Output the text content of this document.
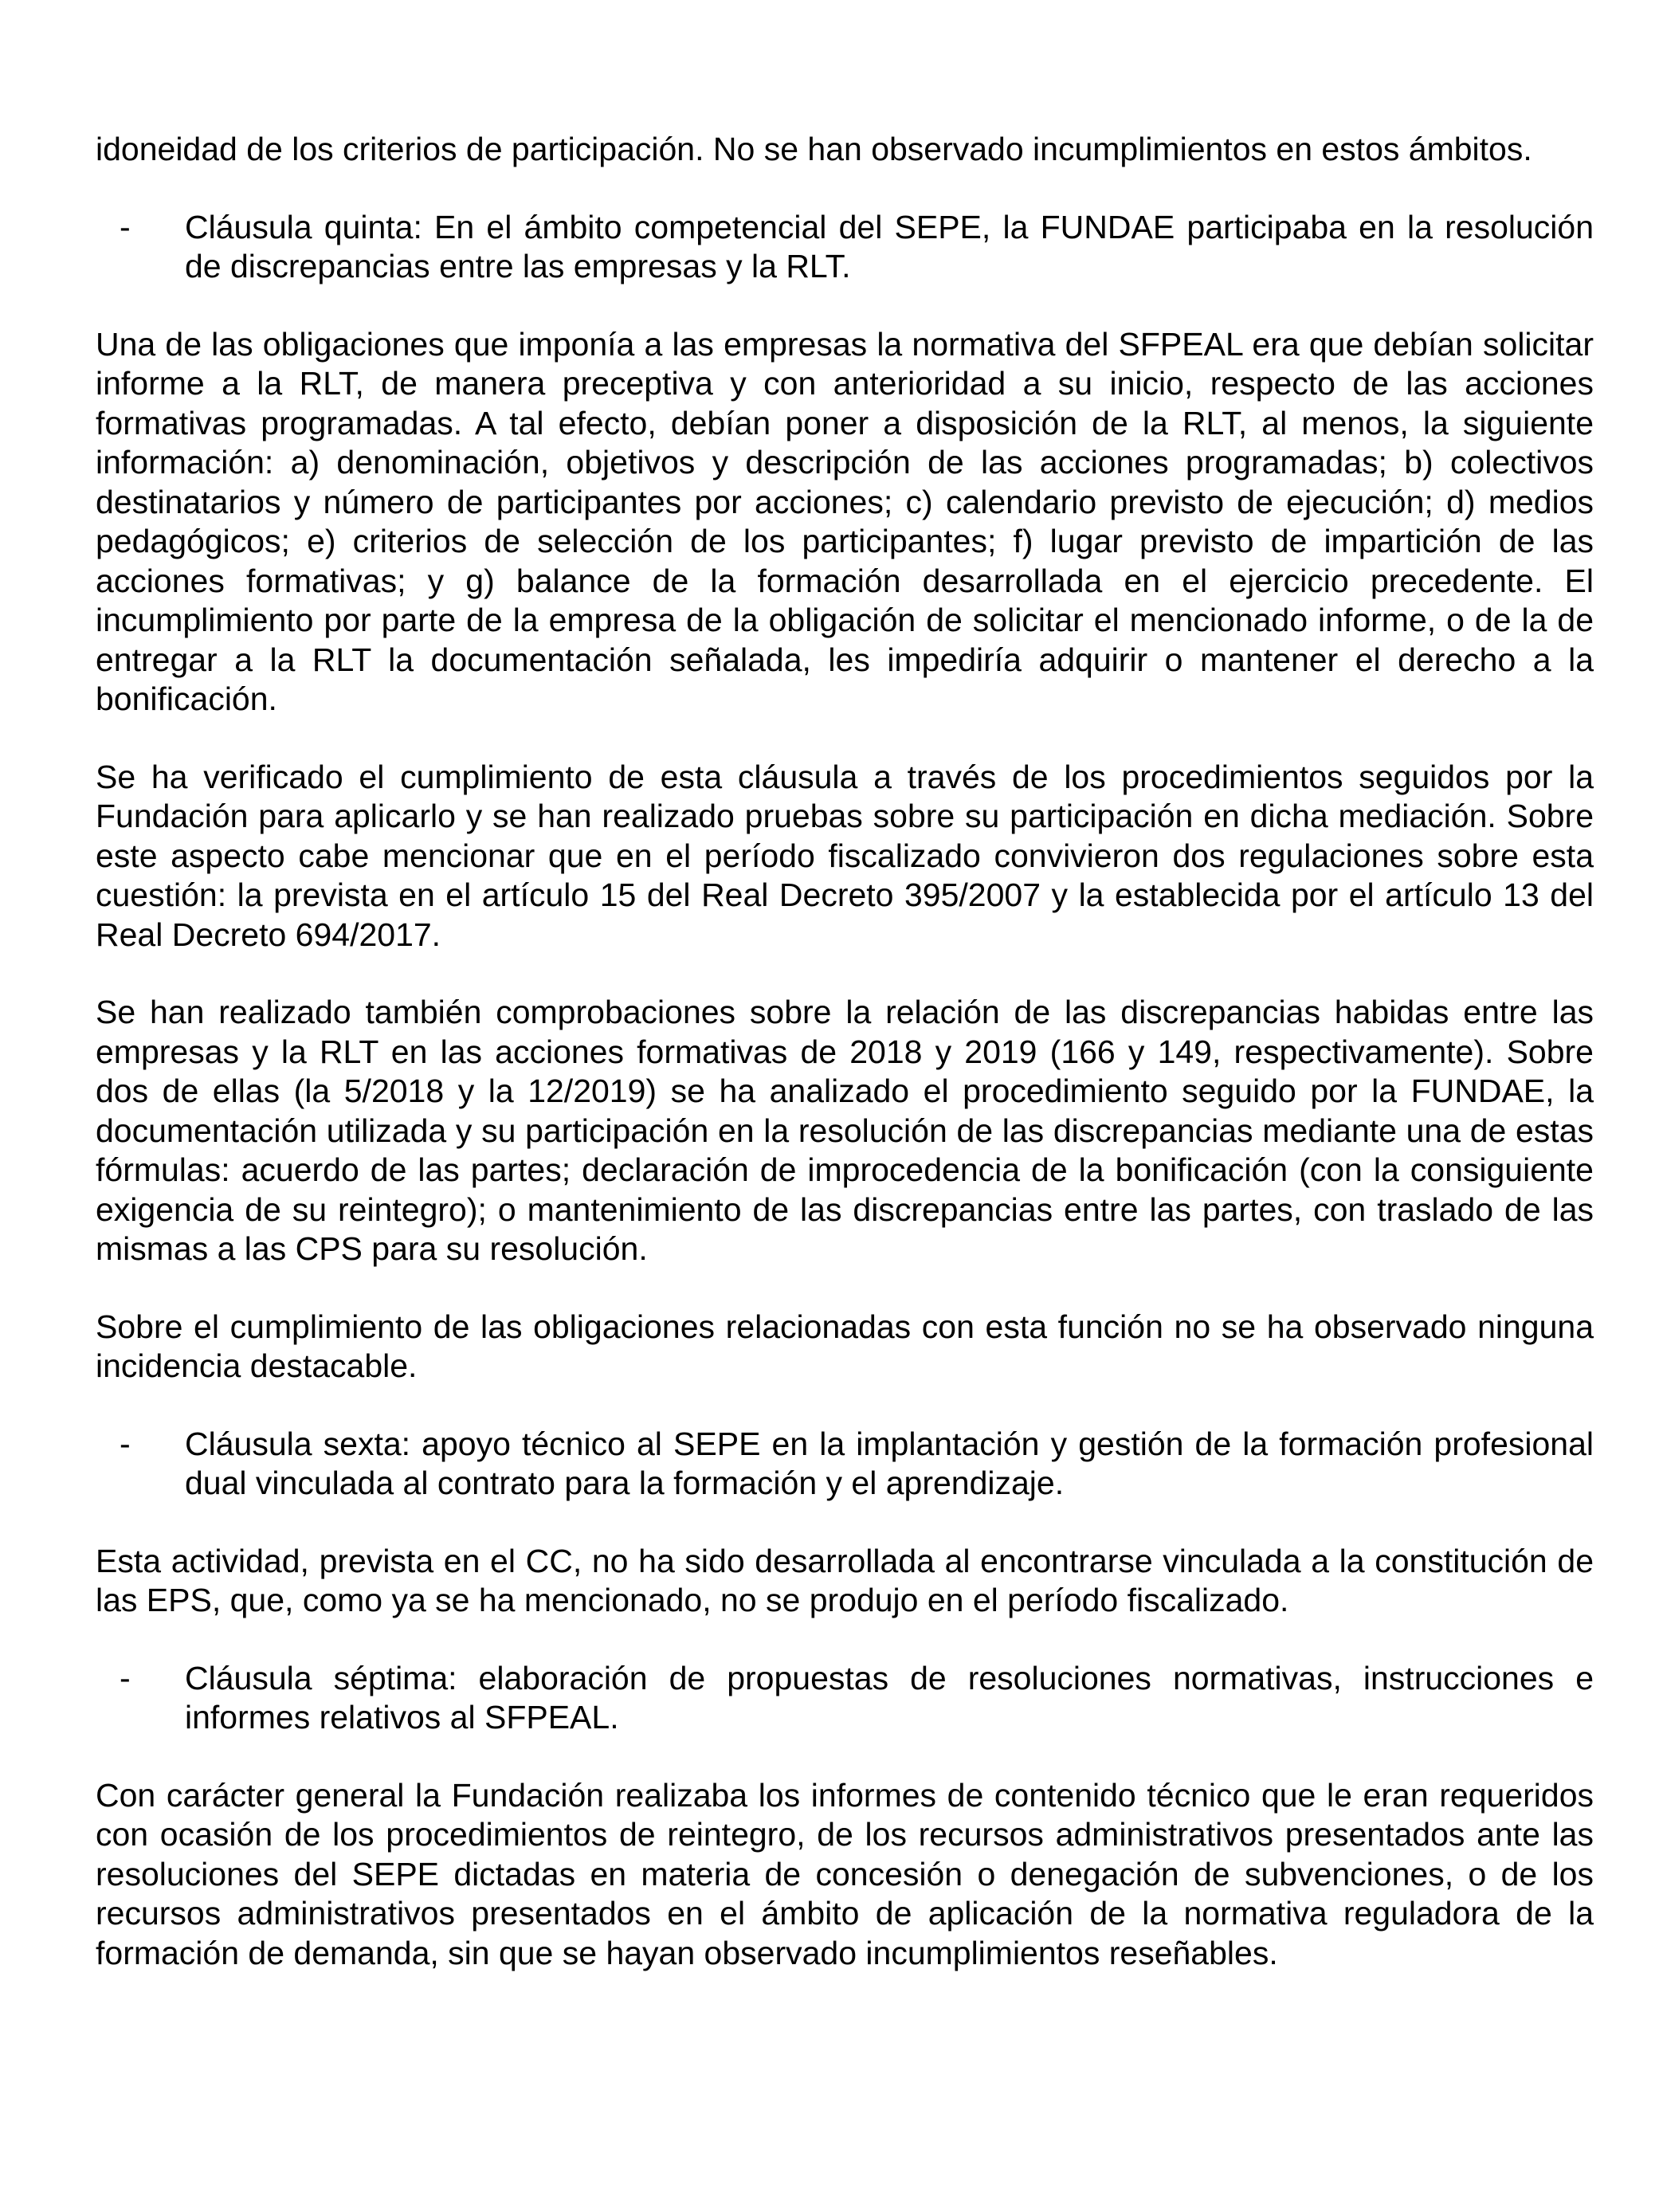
idoneidad de los criterios de participación. No se han observado incumplimientos en estos ámbitos.

-	Cláusula quinta: En el ámbito competencial del SEPE, la FUNDAE participaba en la resolución de discrepancias entre las empresas y la RLT.

Una de las obligaciones que imponía a las empresas la normativa del SFPEAL era que debían solicitar informe a la RLT, de manera preceptiva y con anterioridad a su inicio, respecto de las acciones formativas programadas. A tal efecto, debían poner a disposición de la RLT, al menos, la siguiente información: a) denominación, objetivos y descripción de las acciones programadas; b) colectivos destinatarios y número de participantes por acciones; c) calendario previsto de ejecución; d) medios pedagógicos; e) criterios de selección de los participantes; f) lugar previsto de impartición de las acciones formativas; y g) balance de la formación desarrollada en el ejercicio precedente. El incumplimiento por parte de la empresa de la obligación de solicitar el mencionado informe, o de la de entregar a la RLT la documentación señalada, les impediría adquirir o mantener el derecho a la bonificación.

Se ha verificado el cumplimiento de esta cláusula a través de los procedimientos seguidos por la Fundación para aplicarlo y se han realizado pruebas sobre su participación en dicha mediación. Sobre este aspecto cabe mencionar que en el período fiscalizado convivieron dos regulaciones sobre esta cuestión: la prevista en el artículo 15 del Real Decreto 395/2007 y la establecida por el artículo 13 del Real Decreto 694/2017.

Se han realizado también comprobaciones sobre la relación de las discrepancias habidas entre las empresas y la RLT en las acciones formativas de 2018 y 2019 (166 y 149, respectivamente). Sobre dos de ellas (la 5/2018 y la 12/2019) se ha analizado el procedimiento seguido por la FUNDAE, la documentación utilizada y su participación en la resolución de las discrepancias mediante una de estas fórmulas: acuerdo de las partes; declaración de improcedencia de la bonificación (con la consiguiente exigencia de su reintegro); o mantenimiento de las discrepancias entre las partes, con traslado de las mismas a las CPS para su resolución.

Sobre el cumplimiento de las obligaciones relacionadas con esta función no se ha observado ninguna incidencia destacable.

-	Cláusula sexta: apoyo técnico al SEPE en la implantación y gestión de la formación profesional dual vinculada al contrato para la formación y el aprendizaje.

Esta actividad, prevista en el CC, no ha sido desarrollada al encontrarse vinculada a la constitución de las EPS, que, como ya se ha mencionado, no se produjo en el período fiscalizado.

-	Cláusula séptima: elaboración de propuestas de resoluciones normativas, instrucciones e informes relativos al SFPEAL.

Con carácter general la Fundación realizaba los informes de contenido técnico que le eran requeridos con ocasión de los procedimientos de reintegro, de los recursos administrativos presentados ante las resoluciones del SEPE dictadas en materia de concesión o denegación de subvenciones, o de los recursos administrativos presentados en el ámbito de aplicación de la normativa reguladora de la formación de demanda, sin que se hayan observado incumplimientos reseñables.
